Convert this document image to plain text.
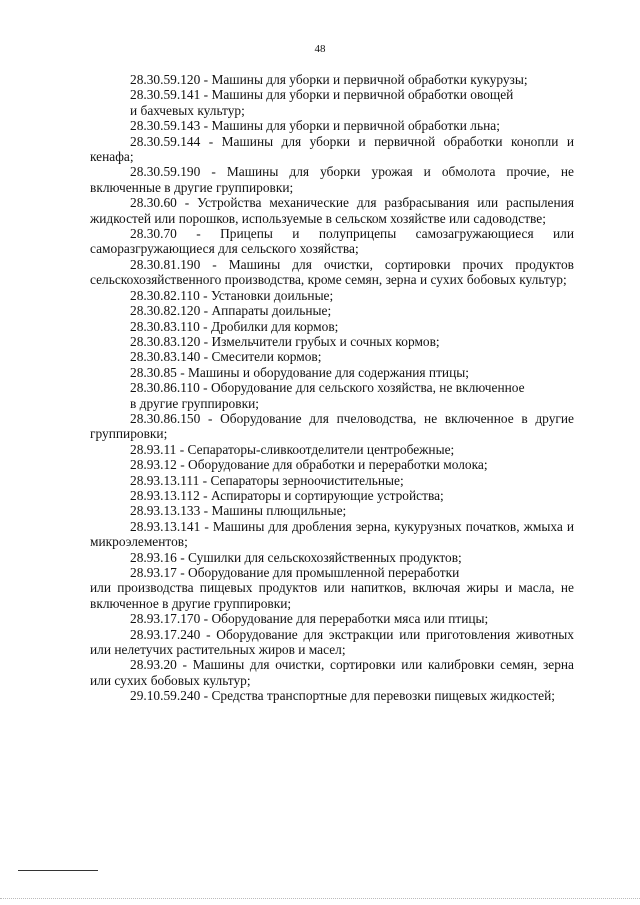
48

28.30.59.120 - Машины для уборки и первичной обработки кукурузы;

28.30.59.141 - Машины для уборки и первичной обработки овощей

и бахчевых культур;

28.30.59.143 - Машины для уборки и первичной обработки льна;

28.30.59.144 - Машины для уборки и первичной обработки конопли и кенафа;

28.30.59.190 - Машины для уборки урожая и обмолота прочие, не включенные в другие группировки;

28.30.60 - Устройства механические для разбрасывания или распыления жидкостей или порошков, используемые в сельском хозяйстве или садоводстве;

28.30.70 - Прицепы и полуприцепы самозагружающиеся или саморазгружающиеся для сельского хозяйства;

28.30.81.190 - Машины для очистки, сортировки прочих продуктов сельскохозяйственного производства, кроме семян, зерна и сухих бобовых культур;

28.30.82.110 - Установки доильные;

28.30.82.120 - Аппараты доильные;

28.30.83.110 - Дробилки для кормов;

28.30.83.120 - Измельчители грубых и сочных кормов;

28.30.83.140 - Смесители кормов;

28.30.85 - Машины и оборудование для содержания птицы;

28.30.86.110 - Оборудование для сельского хозяйства, не включенное

в другие группировки;

28.30.86.150 - Оборудование для пчеловодства, не включенное в другие группировки;

28.93.11 - Сепараторы-сливкоотделители центробежные;

28.93.12 - Оборудование для обработки и переработки молока;

28.93.13.111 - Сепараторы зерноочистительные;

28.93.13.112 - Аспираторы и сортирующие устройства;

28.93.13.133 - Машины плющильные;

28.93.13.141 - Машины для дробления зерна, кукурузных початков, жмыха и микроэлементов;

28.93.16 - Сушилки для сельскохозяйственных продуктов;

28.93.17 - Оборудование для промышленной переработки

или производства пищевых продуктов или напитков, включая жиры и масла, не включенное в другие группировки;

28.93.17.170 - Оборудование для переработки мяса или птицы;

28.93.17.240 - Оборудование для экстракции или приготовления животных или нелетучих растительных жиров и масел;

28.93.20 - Машины для очистки, сортировки или калибровки семян, зерна или сухих бобовых культур;

29.10.59.240 - Средства транспортные для перевозки пищевых жидкостей;
